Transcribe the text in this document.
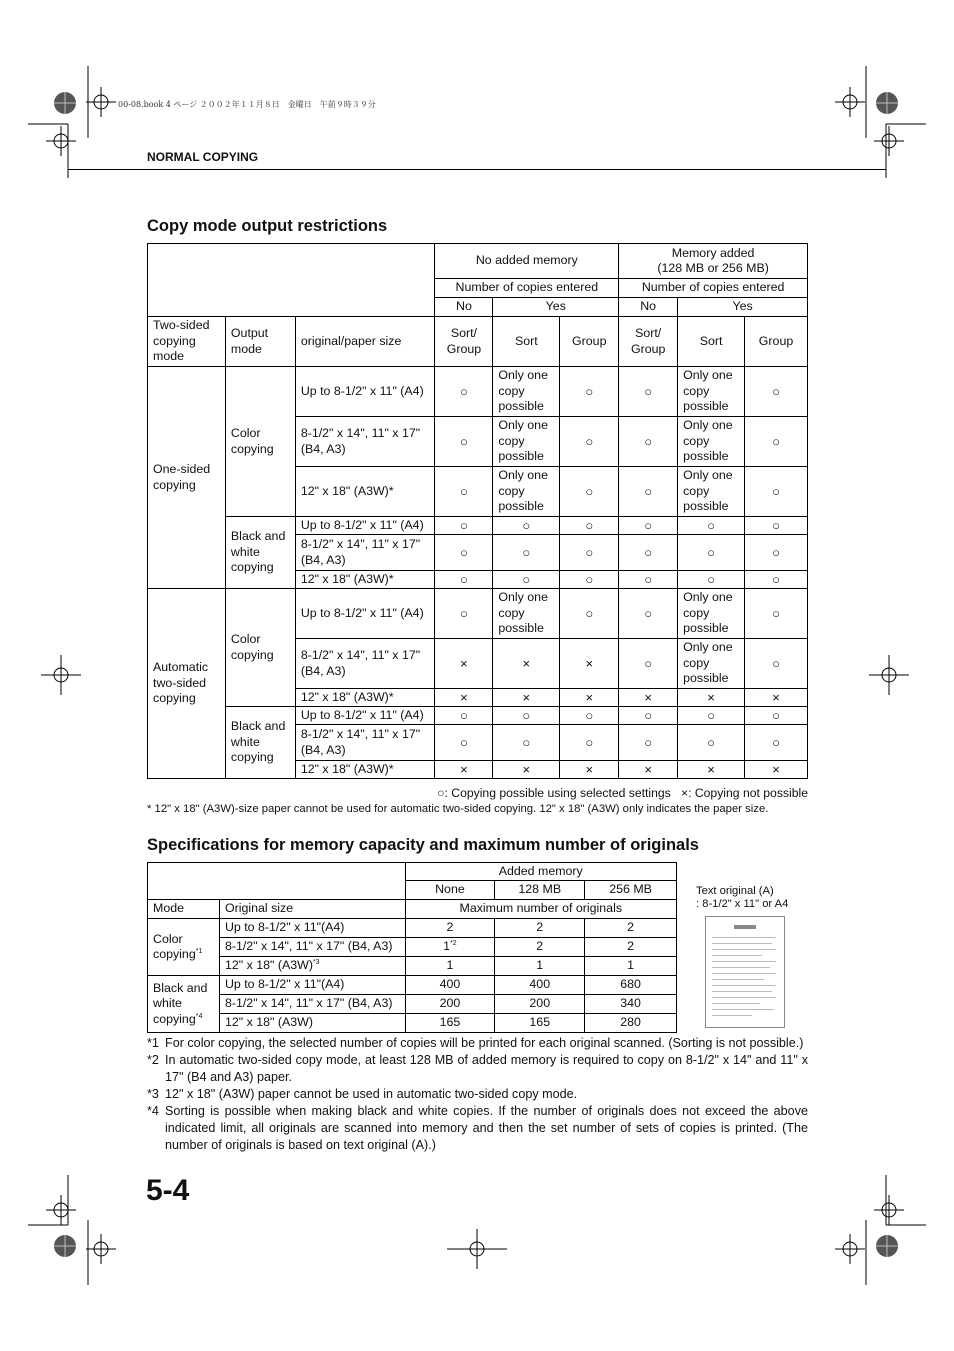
00-08.book 4 ページ ２００２年１１月８日　金曜日　午前９時３９分
NORMAL COPYING
Copy mode output restrictions
			No added memory			Memory added
(128 MB or 256 MB)		
			Number of copies entered			Number of copies entered		
			No	Yes		No	Yes	
Two-sided copying mode	Output mode	original/paper size	Sort/ Group	Sort	Group	Sort/ Group	Sort	Group
One-sided copying	Color copying	Up to 8-1/2" x 11" (A4)	○	Only one copy possible	○	○	Only one copy possible	○
		8-1/2" x 14", 11" x 17" (B4, A3)	○	Only one copy possible	○	○	Only one copy possible	○
		12" x 18" (A3W)*	○	Only one copy possible	○	○	Only one copy possible	○
	Black and white copying	Up to 8-1/2" x 11" (A4)	○	○	○	○	○	○
		8-1/2" x 14", 11" x 17" (B4, A3)	○	○	○	○	○	○
		12" x 18" (A3W)*	○	○	○	○	○	○
Automatic two-sided copying	Color copying	Up to 8-1/2" x 11" (A4)	○	Only one copy possible	○	○	Only one copy possible	○
		8-1/2" x 14", 11" x 17" (B4, A3)	×	×	×	○	Only one copy possible	○
		12" x 18" (A3W)*	×	×	×	×	×	×
	Black and white copying	Up to 8-1/2" x 11" (A4)	○	○	○	○	○	○
		8-1/2" x 14", 11" x 17" (B4, A3)	○	○	○	○	○	○
		12" x 18" (A3W)*	×	×	×	×	×	×
○: Copying possible using selected settings ×: Copying not possible
* 12" x 18" (A3W)-size paper cannot be used for automatic two-sided copying. 12" x 18" (A3W) only indicates the paper size.
Specifications for memory capacity and maximum number of originals
		Added memory		
		None	128 MB	256 MB
Mode	Original size	Maximum number of originals		
Color copying$^{*1}$	Up to 8-1/2" x 11"(A4)	2	2	2
	8-1/2" x 14", 11" x 17" (B4, A3)	1$^{*2}$	2	2
	12" x 18" $(A3W)^{*3}$	1	1	1
Black and white copying$^{*4}$	Up to 8-1/2" x 11"(A4)	400	400	680
	8-1/2" x 14", 11" x 17" (B4, A3)	200	200	340
	12" x 18" (A3W)	165	165	280
Text original (A)
: 8-1/2" x 11" or A4
*1 For color copying, the selected number of copies will be printed for each original scanned. (Sorting is not possible.)
*2 In automatic two-sided copy mode, at least 128 MB of added memory is required to copy on 8-1/2" x 14" and 11" x 17" (B4 and A3) paper.
*3 12" x 18" (A3W) paper cannot be used in automatic two-sided copy mode.
*4 Sorting is possible when making black and white copies. If the number of originals does not exceed the above indicated limit, all originals are scanned into memory and then the set number of sets of copies is printed. (The number of originals is based on text original (A).)
5-4
